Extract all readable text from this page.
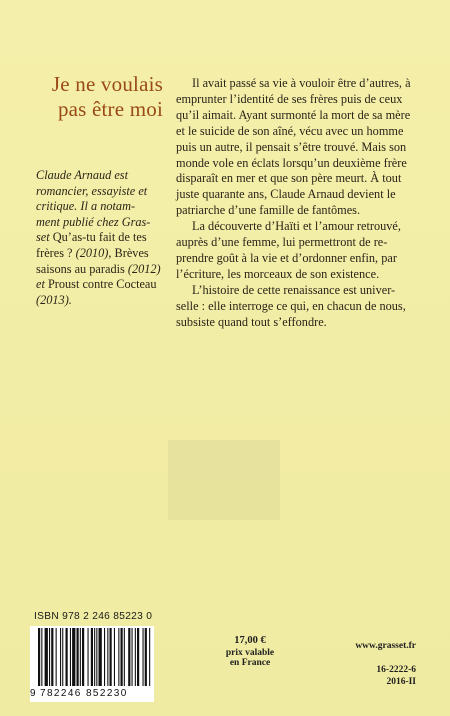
Je ne voulais
pas être moi
Claude Arnaud est
romancier, essayiste et
critique. Il a notam-
ment publié chez Gras-
set Qu’as-tu fait de tes
frères ? (2010), Brèves
saisons au paradis (2012)
et Proust contre Cocteau
(2013).
Il avait passé sa vie à vouloir être d’autres, à
emprunter l’identité de ses frères puis de ceux
qu’il aimait. Ayant surmonté la mort de sa mère
et le suicide de son aîné, vécu avec un homme
puis un autre, il pensait s’être trouvé. Mais son
monde vole en éclats lorsqu’un deuxième frère
disparaît en mer et que son père meurt. À tout
juste quarante ans, Claude Arnaud devient le
patriarche d’une famille de fantômes.
La découverte d’Haïti et l’amour retrouvé,
auprès d’une femme, lui permettront de re-
prendre goût à la vie et d’ordonner enfin, par
l’écriture, les morceaux de son existence.
L’histoire de cette renaissance est univer-
selle : elle interroge ce qui, en chacun de nous,
subsiste quand tout s’effondre.
ISBN 978 2 246 85223 0
9 782246 852230
17,00 €
prix valable
en France
www.grasset.fr
16-2222-6
2016-II
